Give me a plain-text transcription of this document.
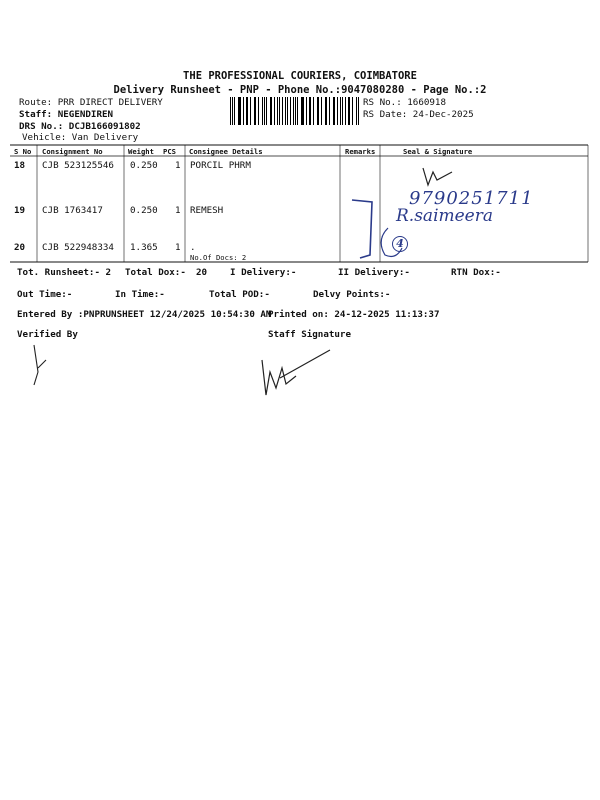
THE PROFESSIONAL COURIERS, COIMBATORE
Delivery Runsheet - PNP - Phone No.:9047080280 - Page No.:2
Route: PRR DIRECT DELIVERY
Staff: NEGENDIREN
DRS No.: DCJB166091802
Vehicle: Van Delivery
RS No.: 1660918
RS Date: 24-Dec-2025
S No Consignment No	Weight PCS Consignee Details	Remarks	Seal & Signature
18 CJB 523125546 0.250 1 PORCIL PHRM
19 CJB 1763417	0.250 1 REMESH
20 CJB 522948334 1.365 1 .
No.Of Docs: 2
Tot. Runsheet:- 2 Total Dox:- 20 I Delivery:-	II Delivery:-	RTN Dox:-
Out Time:-	In Time:-	Total POD:-	Delvy Points:-
Entered By :PNPRUNSHEET 12/24/2025 10:54:30 AM
Printed on: 24-12-2025 11:13:37
Verified By	Staff Signature
9790251711
R.saimeera
4
